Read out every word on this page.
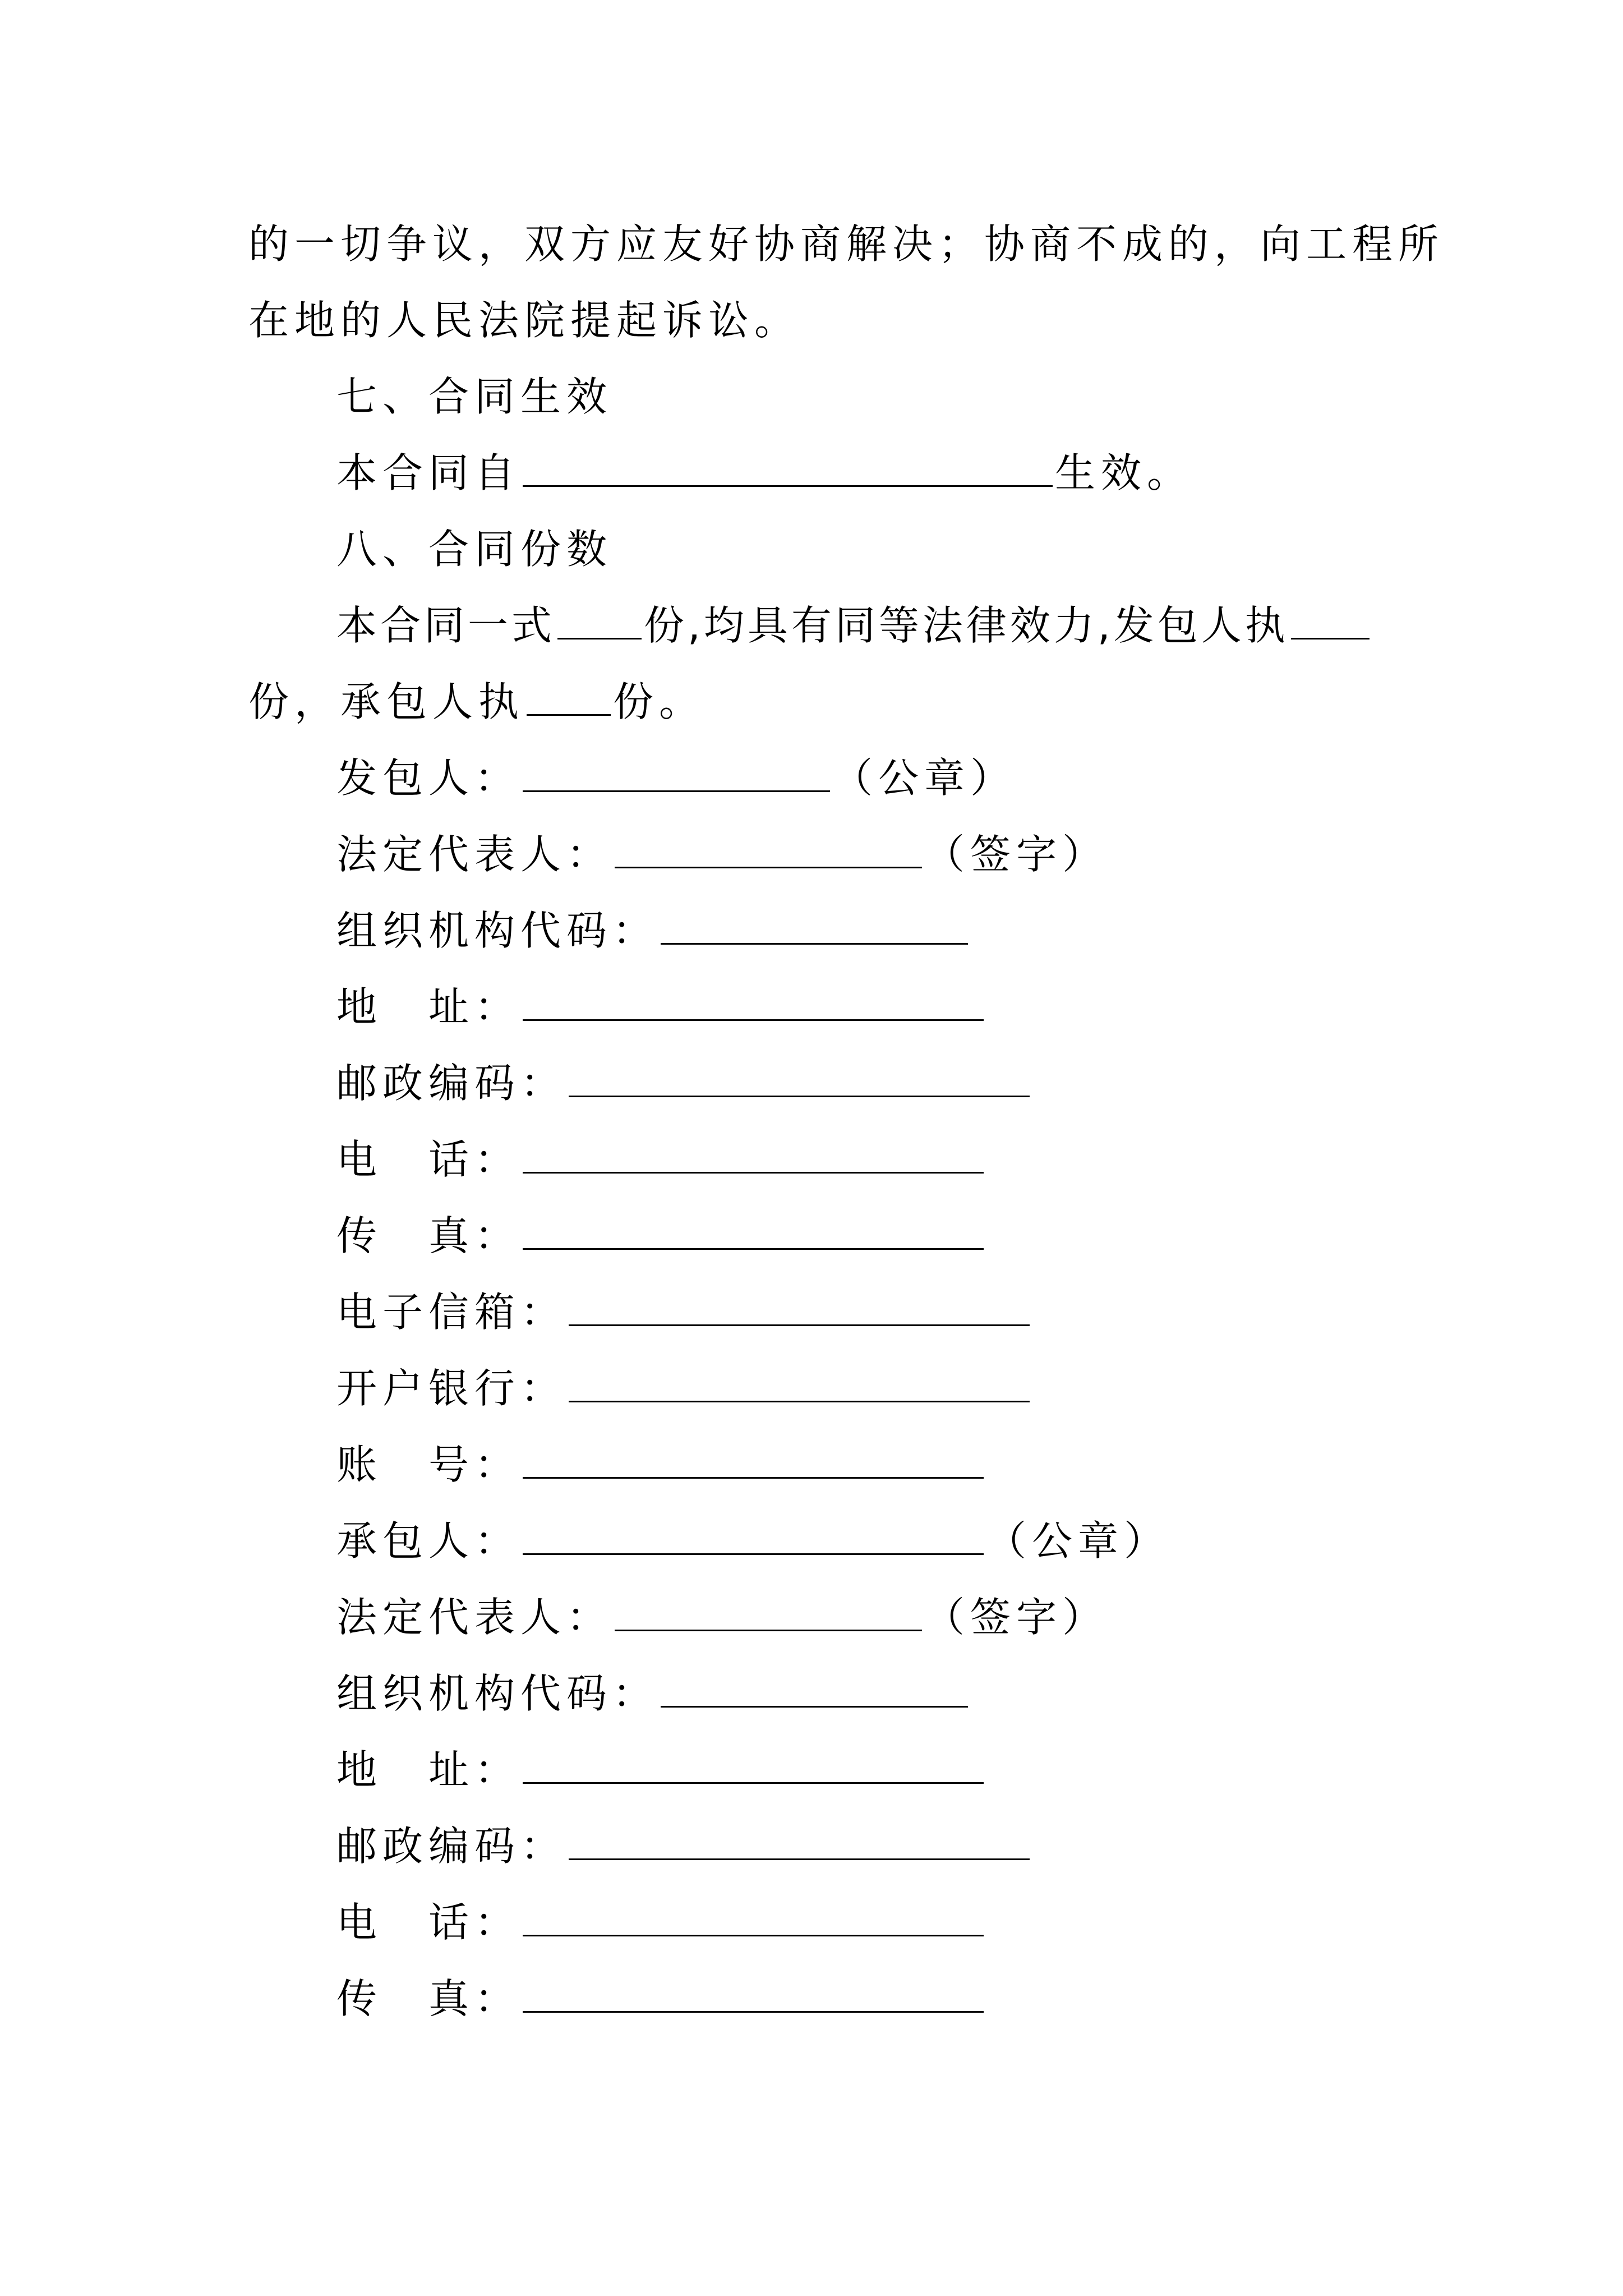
的一切争议，双方应友好协商解决；协商不成的，向工程所
在地的人民法院提起诉讼。
七、合同生效
本合同自	生效。
八、合同份数
本合同一式 份,均具有同等法律效力,发包人执
份，承包人执 份。
发包人：	（公章）
法定代表人：	（签字）
组织机构代码：
地　址：
邮政编码：
电　话：
传　真：
电子信箱：
开户银行：
账　号：
承包人：	（公章）
法定代表人：	（签字）
组织机构代码：
地　址：
邮政编码：
电　话：
传　真：
